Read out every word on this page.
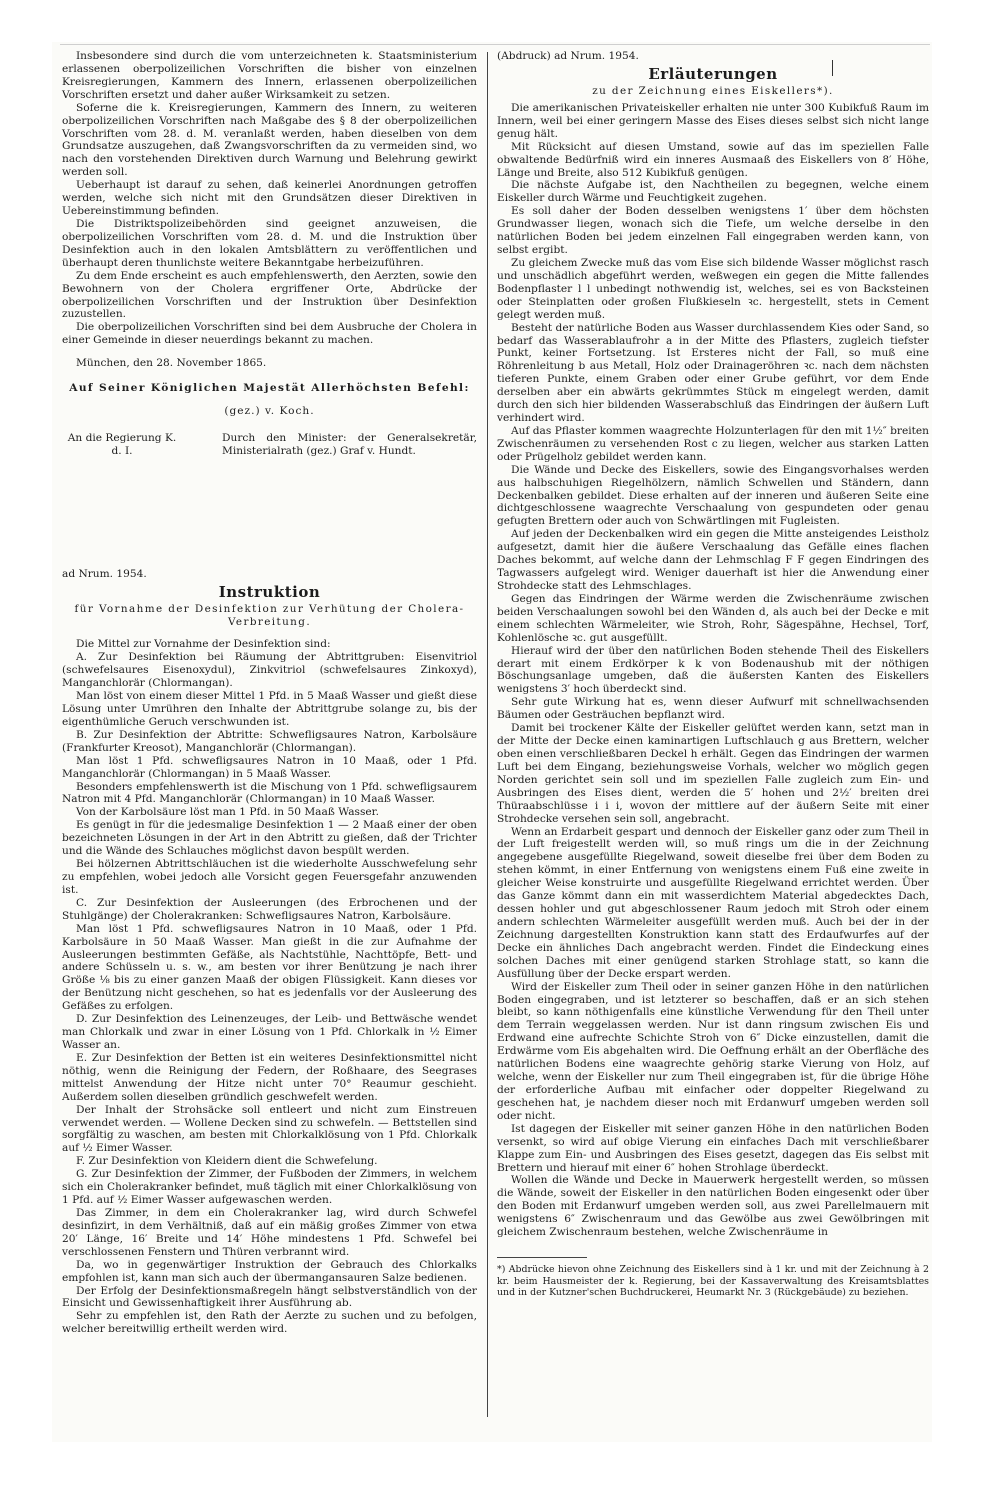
Insbesondere sind durch die vom unterzeichneten k. Staatsministerium erlassenen oberpolizeilichen Vorschriften die bisher von einzelnen Kreisregierungen, Kammern des Innern, erlassenen oberpolizeilichen Vorschriften ersetzt und daher außer Wirksamkeit zu setzen.

Soferne die k. Kreisregierungen, Kammern des Innern, zu weiteren oberpolizeilichen Vorschriften nach Maßgabe des § 8 der oberpolizeilichen Vorschriften vom 28. d. M. veranlaßt werden, haben dieselben von dem Grundsatze auszugehen, daß Zwangsvorschriften da zu vermeiden sind, wo nach den vorstehenden Direktiven durch Warnung und Belehrung gewirkt werden soll.

Ueberhaupt ist darauf zu sehen, daß keinerlei Anordnungen getroffen werden, welche sich nicht mit den Grundsätzen dieser Direktiven in Uebereinstimmung befinden.

Die Distriktspolizeibehörden sind geeignet anzuweisen, die oberpolizeilichen Vorschriften vom 28. d. M. und die Instruktion über Desinfektion auch in den lokalen Amtsblättern zu veröffentlichen und überhaupt deren thunlichste weitere Bekanntgabe herbeizuführen.

Zu dem Ende erscheint es auch empfehlenswerth, den Aerzten, sowie den Bewohnern von der Cholera ergriffener Orte, Abdrücke der oberpolizeilichen Vorschriften und der Instruktion über Desinfektion zuzustellen.

Die oberpolizeilichen Vorschriften sind bei dem Ausbruche der Cholera in einer Gemeinde in dieser neuerdings bekannt zu machen.

München, den 28. November 1865.

Auf Seiner Königlichen Majestät Allerhöchsten Befehl:

(gez.) v. Koch.

An die Regierung K. d. I.
Durch den Minister: der Generalsekretär, Ministerialrath (gez.) Graf v. Hundt.

ad Nrum. 1954.

Instruktion

für Vornahme der Desinfektion zur Verhütung der Cholera-Verbreitung.

Die Mittel zur Vornahme der Desinfektion sind:

A. Zur Desinfektion bei Räumung der Abtrittgruben: Eisenvitriol (schwefelsaures Eisenoxydul), Zinkvitriol (schwefelsaures Zinkoxyd), Manganchlorär (Chlormangan).

Man löst von einem dieser Mittel 1 Pfd. in 5 Maaß Wasser und gießt diese Lösung unter Umrühren den Inhalte der Abtrittgrube solange zu, bis der eigenthümliche Geruch verschwunden ist.

B. Zur Desinfektion der Abtritte: Schwefligsaures Natron, Karbolsäure (Frankfurter Kreosot), Manganchlorär (Chlormangan).

Man löst 1 Pfd. schwefligsaures Natron in 10 Maaß, oder 1 Pfd. Manganchlorär (Chlormangan) in 5 Maaß Wasser.

Besonders empfehlenswerth ist die Mischung von 1 Pfd. schwefligsaurem Natron mit 4 Pfd. Manganchlorär (Chlormangan) in 10 Maaß Wasser.

Von der Karbolsäure löst man 1 Pfd. in 50 Maaß Wasser.

Es genügt in für die jedesmalige Desinfektion 1 — 2 Maaß einer der oben bezeichneten Lösungen in der Art in den Abtritt zu gießen, daß der Trichter und die Wände des Schlauches möglichst davon bespült werden.

Bei hölzernen Abtrittschläuchen ist die wiederholte Ausschwefelung sehr zu empfehlen, wobei jedoch alle Vorsicht gegen Feuersgefahr anzuwenden ist.

C. Zur Desinfektion der Ausleerungen (des Erbrochenen und der Stuhlgänge) der Cholerakranken: Schwefligsaures Natron, Karbolsäure.

Man löst 1 Pfd. schwefligsaures Natron in 10 Maaß, oder 1 Pfd. Karbolsäure in 50 Maaß Wasser. Man gießt in die zur Aufnahme der Ausleerungen bestimmten Gefäße, als Nachtstühle, Nachttöpfe, Bett- und andere Schüsseln u. s. w., am besten vor ihrer Benützung je nach ihrer Größe ⅛ bis zu einer ganzen Maaß der obigen Flüssigkeit. Kann dieses vor der Benützung nicht geschehen, so hat es jedenfalls vor der Ausleerung des Gefäßes zu erfolgen.

D. Zur Desinfektion des Leinenzeuges, der Leib- und Bettwäsche wendet man Chlorkalk und zwar in einer Lösung von 1 Pfd. Chlorkalk in ½ Eimer Wasser an.

E. Zur Desinfektion der Betten ist ein weiteres Desinfektionsmittel nicht nöthig, wenn die Reinigung der Federn, der Roßhaare, des Seegrases mittelst Anwendung der Hitze nicht unter 70° Reaumur geschieht. Außerdem sollen dieselben gründlich geschwefelt werden.

Der Inhalt der Strohsäcke soll entleert und nicht zum Einstreuen verwendet werden. — Wollene Decken sind zu schwefeln. — Bettstellen sind sorgfältig zu waschen, am besten mit Chlorkalklösung von 1 Pfd. Chlorkalk auf ½ Eimer Wasser.

F. Zur Desinfektion von Kleidern dient die Schwefelung.

G. Zur Desinfektion der Zimmer, der Fußboden der Zimmers, in welchem sich ein Cholerakranker befindet, muß täglich mit einer Chlorkalklösung von 1 Pfd. auf ½ Eimer Wasser aufgewaschen werden.

Das Zimmer, in dem ein Cholerakranker lag, wird durch Schwefel desinfizirt, in dem Verhältniß, daß auf ein mäßig großes Zimmer von etwa 20′ Länge, 16′ Breite und 14′ Höhe mindestens 1 Pfd. Schwefel bei verschlossenen Fenstern und Thüren verbrannt wird.

Da, wo in gegenwärtiger Instruktion der Gebrauch des Chlorkalks empfohlen ist, kann man sich auch der übermangansauren Salze bedienen.

Der Erfolg der Desinfektionsmaßregeln hängt selbstverständlich von der Einsicht und Gewissenhaftigkeit ihrer Ausführung ab.

Sehr zu empfehlen ist, den Rath der Aerzte zu suchen und zu befolgen, welcher bereitwillig ertheilt werden wird.

(Abdruck) ad Nrum. 1954.

Erläuterungen

zu der Zeichnung eines Eiskellers*).

Die amerikanischen Privateiskeller erhalten nie unter 300 Kubikfuß Raum im Innern, weil bei einer geringern Masse des Eises dieses selbst sich nicht lange genug hält.

Mit Rücksicht auf diesen Umstand, sowie auf das im speziellen Falle obwaltende Bedürfniß wird ein inneres Ausmaaß des Eiskellers von 8′ Höhe, Länge und Breite, also 512 Kubikfuß genügen.

Die nächste Aufgabe ist, den Nachtheilen zu begegnen, welche einem Eiskeller durch Wärme und Feuchtigkeit zugehen.

Es soll daher der Boden desselben wenigstens 1′ über dem höchsten Grundwasser liegen, wonach sich die Tiefe, um welche derselbe in den natürlichen Boden bei jedem einzelnen Fall eingegraben werden kann, von selbst ergibt.

Zu gleichem Zwecke muß das vom Eise sich bildende Wasser möglichst rasch und unschädlich abgeführt werden, weßwegen ein gegen die Mitte fallendes Bodenpflaster l l unbedingt nothwendig ist, welches, sei es von Backsteinen oder Steinplatten oder großen Flußkieseln ꝛc. hergestellt, stets in Cement gelegt werden muß.

Besteht der natürliche Boden aus Wasser durchlassendem Kies oder Sand, so bedarf das Wasserablaufrohr a in der Mitte des Pflasters, zugleich tiefster Punkt, keiner Fortsetzung. Ist Ersteres nicht der Fall, so muß eine Röhrenleitung b aus Metall, Holz oder Drainageröhren ꝛc. nach dem nächsten tieferen Punkte, einem Graben oder einer Grube geführt, vor dem Ende derselben aber ein abwärts gekrümmtes Stück m eingelegt werden, damit durch den sich hier bildenden Wasserabschluß das Eindringen der äußern Luft verhindert wird.

Auf das Pflaster kommen waagrechte Holzunterlagen für den mit 1½″ breiten Zwischenräumen zu versehenden Rost c zu liegen, welcher aus starken Latten oder Prügelholz gebildet werden kann.

Die Wände und Decke des Eiskellers, sowie des Eingangsvorhalses werden aus halbschuhigen Riegelhölzern, nämlich Schwellen und Ständern, dann Deckenbalken gebildet. Diese erhalten auf der inneren und äußeren Seite eine dichtgeschlossene waagrechte Verschaalung von gespundeten oder genau gefugten Brettern oder auch von Schwärtlingen mit Fugleisten.

Auf jeden der Deckenbalken wird ein gegen die Mitte ansteigendes Leistholz aufgesetzt, damit hier die äußere Verschaalung das Gefälle eines flachen Daches bekommt, auf welche dann der Lehmschlag F F gegen Eindringen des Tagwassers aufgelegt wird. Weniger dauerhaft ist hier die Anwendung einer Strohdecke statt des Lehmschlages.

Gegen das Eindringen der Wärme werden die Zwischenräume zwischen beiden Verschaalungen sowohl bei den Wänden d, als auch bei der Decke e mit einem schlechten Wärmeleiter, wie Stroh, Rohr, Sägespähne, Hechsel, Torf, Kohlenlösche ꝛc. gut ausgefüllt.

Hierauf wird der über den natürlichen Boden stehende Theil des Eiskellers derart mit einem Erdkörper k k von Bodenaushub mit der nöthigen Böschungsanlage umgeben, daß die äußersten Kanten des Eiskellers wenigstens 3′ hoch überdeckt sind.

Sehr gute Wirkung hat es, wenn dieser Aufwurf mit schnellwachsenden Bäumen oder Gesträuchen bepflanzt wird.

Damit bei trockener Kälte der Eiskeller gelüftet werden kann, setzt man in der Mitte der Decke einen kaminartigen Luftschlauch g aus Brettern, welcher oben einen verschließbaren Deckel h erhält. Gegen das Eindringen der warmen Luft bei dem Eingang, beziehungsweise Vorhals, welcher wo möglich gegen Norden gerichtet sein soll und im speziellen Falle zugleich zum Ein- und Ausbringen des Eises dient, werden die 5′ hohen und 2½′ breiten drei Thüraabschlüsse i i i, wovon der mittlere auf der äußern Seite mit einer Strohdecke versehen sein soll, angebracht.

Wenn an Erdarbeit gespart und dennoch der Eiskeller ganz oder zum Theil in der Luft freigestellt werden will, so muß rings um die in der Zeichnung angegebene ausgefüllte Riegelwand, soweit dieselbe frei über dem Boden zu stehen kömmt, in einer Entfernung von wenigstens einem Fuß eine zweite in gleicher Weise konstruirte und ausgefüllte Riegelwand errichtet werden. Über das Ganze kömmt dann ein mit wasserdichtem Material abgedecktes Dach, dessen hohler und gut abgeschlossener Raum jedoch mit Stroh oder einem andern schlechten Wärmeleiter ausgefüllt werden muß. Auch bei der in der Zeichnung dargestellten Konstruktion kann statt des Erdaufwurfes auf der Decke ein ähnliches Dach angebracht werden. Findet die Eindeckung eines solchen Daches mit einer genügend starken Strohlage statt, so kann die Ausfüllung über der Decke erspart werden.

Wird der Eiskeller zum Theil oder in seiner ganzen Höhe in den natürlichen Boden eingegraben, und ist letzterer so beschaffen, daß er an sich stehen bleibt, so kann nöthigenfalls eine künstliche Verwendung für den Theil unter dem Terrain weggelassen werden. Nur ist dann ringsum zwischen Eis und Erdwand eine aufrechte Schichte Stroh von 6″ Dicke einzustellen, damit die Erdwärme vom Eis abgehalten wird. Die Oeffnung erhält an der Oberfläche des natürlichen Bodens eine waagrechte gehörig starke Vierung von Holz, auf welche, wenn der Eiskeller nur zum Theil eingegraben ist, für die übrige Höhe der erforderliche Aufbau mit einfacher oder doppelter Riegelwand zu geschehen hat, je nachdem dieser noch mit Erdanwurf umgeben werden soll oder nicht.

Ist dagegen der Eiskeller mit seiner ganzen Höhe in den natürlichen Boden versenkt, so wird auf obige Vierung ein einfaches Dach mit verschließbarer Klappe zum Ein- und Ausbringen des Eises gesetzt, dagegen das Eis selbst mit Brettern und hierauf mit einer 6″ hohen Strohlage überdeckt.

Wollen die Wände und Decke in Mauerwerk hergestellt werden, so müssen die Wände, soweit der Eiskeller in den natürlichen Boden eingesenkt oder über den Boden mit Erdanwurf umgeben werden soll, aus zwei Parellelmauern mit wenigstens 6″ Zwischenraum und das Gewölbe aus zwei Gewölbringen mit gleichem Zwischenraum bestehen, welche Zwischenräume in

*) Abdrücke hievon ohne Zeichnung des Eiskellers sind à 1 kr. und mit der Zeichnung à 2 kr. beim Hausmeister der k. Regierung, bei der Kassaverwaltung des Kreisamtsblattes und in der Kutzner'schen Buchdruckerei, Heumarkt Nr. 3 (Rückgebäude) zu beziehen.
